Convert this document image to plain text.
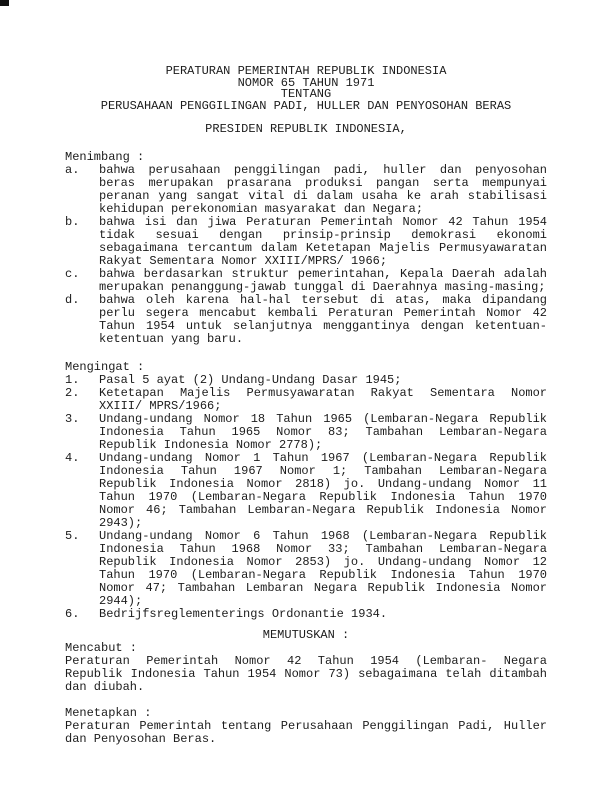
PERATURAN PEMERINTAH REPUBLIK INDONESIA
NOMOR 65 TAHUN 1971
TENTANG
PERUSAHAAN PENGGILINGAN PADI, HULLER DAN PENYOSOHAN BERAS
PRESIDEN REPUBLIK INDONESIA,
Menimbang :
a. bahwa perusahaan penggilingan padi, huller dan penyosohan beras merupakan prasarana produksi pangan serta mempunyai peranan yang sangat vital di dalam usaha ke arah stabilisasi kehidupan perekonomian masyarakat dan Negara;
b. bahwa isi dan jiwa Peraturan Pemerintah Nomor 42 Tahun 1954 tidak sesuai dengan prinsip-prinsip demokrasi ekonomi sebagaimana tercantum dalam Ketetapan Majelis Permusyawaratan Rakyat Sementara Nomor XXIII/MPRS/ 1966;
c. bahwa berdasarkan struktur pemerintahan, Kepala Daerah adalah merupakan penanggung-jawab tunggal di Daerahnya masing-masing;
d. bahwa oleh karena hal-hal tersebut di atas, maka dipandang perlu segera mencabut kembali Peraturan Pemerintah Nomor 42 Tahun 1954 untuk selanjutnya menggantinya dengan ketentuan-ketentuan yang baru.
Mengingat :
1. Pasal 5 ayat (2) Undang-Undang Dasar 1945;
2. Ketetapan Majelis Permusyawaratan Rakyat Sementara Nomor XXIII/ MPRS/1966;
3. Undang-undang Nomor 18 Tahun 1965 (Lembaran-Negara Republik Indonesia Tahun 1965 Nomor 83; Tambahan Lembaran-Negara Republik Indonesia Nomor 2778);
4. Undang-undang Nomor 1 Tahun 1967 (Lembaran-Negara Republik Indonesia Tahun 1967 Nomor 1; Tambahan Lembaran-Negara Republik Indonesia Nomor 2818) jo. Undang-undang Nomor 11 Tahun 1970 (Lembaran-Negara Republik Indonesia Tahun 1970 Nomor 46; Tambahan Lembaran-Negara Republik Indonesia Nomor 2943);
5. Undang-undang Nomor 6 Tahun 1968 (Lembaran-Negara Republik Indonesia Tahun 1968 Nomor 33; Tambahan Lembaran-Negara Republik Indonesia Nomor 2853) jo. Undang-undang Nomor 12 Tahun 1970 (Lembaran-Negara Republik Indonesia Tahun 1970 Nomor 47; Tambahan Lembaran Negara Republik Indonesia Nomor 2944);
6. Bedrijfsreglementerings Ordonantie 1934.
MEMUTUSKAN :
Mencabut :
Peraturan Pemerintah Nomor 42 Tahun 1954 (Lembaran- Negara Republik Indonesia Tahun 1954 Nomor 73) sebagaimana telah ditambah dan diubah.
Menetapkan :
Peraturan Pemerintah tentang Perusahaan Penggilingan Padi, Huller dan Penyosohan Beras.
